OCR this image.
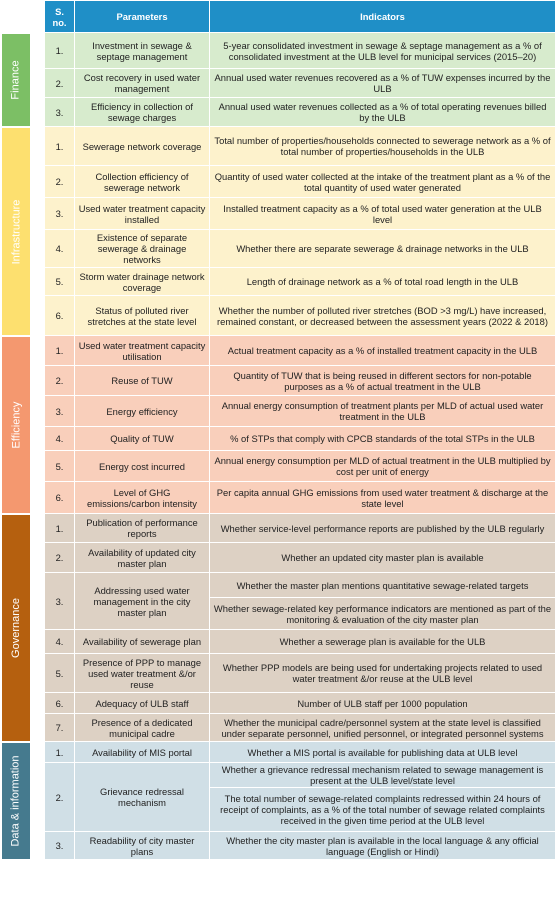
Finance
Infrastructure
Efficiency
Governance
Data & information
S. no.	Parameters	Indicators
1.	Investment in sewage & septage management	5-year consolidated investment in sewage & septage management as a % of consolidated investment at the ULB level for municipal services (2015–20)
2.	Cost recovery in used water management	Annual used water revenues recovered as a % of TUW expenses incurred by the ULB
3.	Efficiency in collection of sewage charges	Annual used water revenues collected as a % of total operating revenues billed by the ULB
1.	Sewerage network coverage	Total number of properties/households connected to sewerage network as a % of total number of properties/households in the ULB
2.	Collection efficiency of sewerage network	Quantity of used water collected at the intake of the treatment plant as a % of the total quantity of used water generated
3.	Used water treatment capacity installed	Installed treatment capacity as a % of total used water generation at the ULB level
4.	Existence of separate sewerage & drainage networks	Whether there are separate sewerage & drainage networks in the ULB
5.	Storm water drainage network coverage	Length of drainage network as a % of total road length in the ULB
6.	Status of polluted river stretches at the state level	Whether the number of polluted river stretches (BOD >3 mg/L) have increased, remained constant, or decreased between the assessment years (2022 & 2018)
1.	Used water treatment capacity utilisation	Actual treatment capacity as a % of installed treatment capacity in the ULB
2.	Reuse of TUW	Quantity of TUW that is being reused in different sectors for non-potable purposes as a % of actual treatment in the ULB
3.	Energy efficiency	Annual energy consumption of treatment plants per MLD of actual used water treatment in the ULB
4.	Quality of TUW	% of STPs that comply with CPCB standards of the total STPs in the ULB
5.	Energy cost incurred	Annual energy consumption per MLD of actual treatment in the ULB multiplied by cost per unit of energy
6.	Level of GHG emissions/carbon intensity	Per capita annual GHG emissions from used water treatment & discharge at the state level
1.	Publication of performance reports	Whether service-level performance reports are published by the ULB regularly
2.	Availability of updated city master plan	Whether an updated city master plan is available
3.	Addressing used water management in the city master plan	Whether the master plan mentions quantitative sewage-related targets
		Whether sewage-related key performance indicators are mentioned as part of the monitoring & evaluation of the city master plan
4.	Availability of sewerage plan	Whether a sewerage plan is available for the ULB
5.	Presence of PPP to manage used water treatment &/or reuse	Whether PPP models are being used for undertaking projects related to used water treatment &/or reuse at the ULB level
6.	Adequacy of ULB staff	Number of ULB staff per 1000 population
7.	Presence of a dedicated municipal cadre	Whether the municipal cadre/personnel system at the state level is classified under separate personnel, unified personnel, or integrated personnel systems
1.	Availability of MIS portal	Whether a MIS portal is available for publishing data at ULB level
2.	Grievance redressal mechanism	Whether a grievance redressal mechanism related to sewage management is present at the ULB level/state level
		The total number of sewage-related complaints redressed within 24 hours of receipt of complaints, as a % of the total number of sewage related complaints received in the given time period at the ULB level
3.	Readability of city master plans	Whether the city master plan is available in the local language & any official language (English or Hindi)
